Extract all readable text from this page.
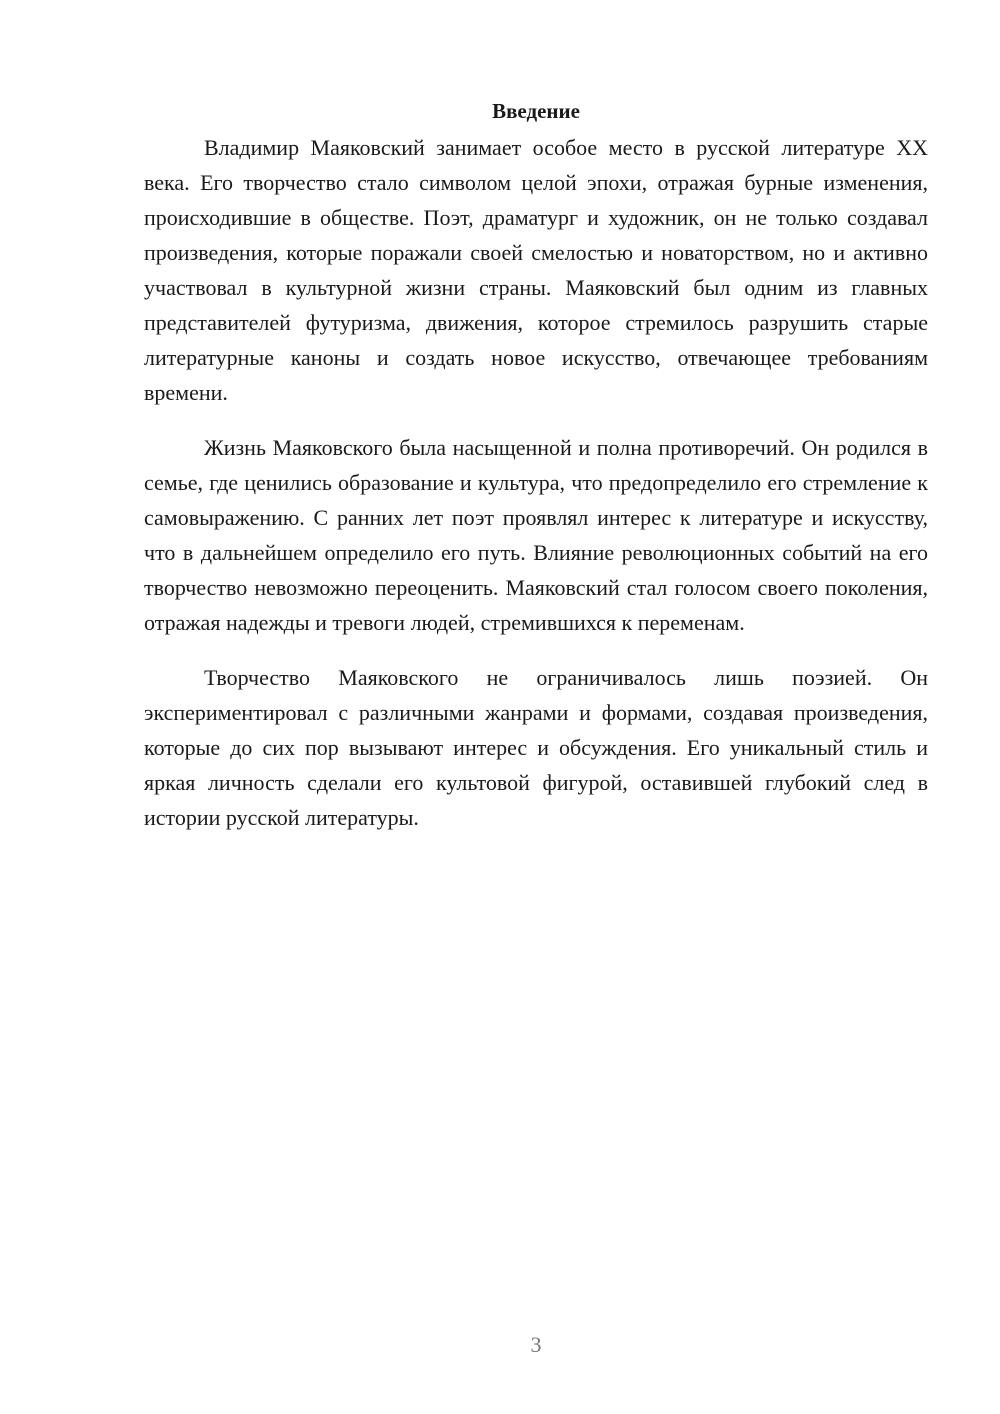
Введение

Владимир Маяковский занимает особое место в русской литературе XX века. Его творчество стало символом целой эпохи, отражая бурные изменения, происходившие в обществе. Поэт, драматург и художник, он не только создавал произведения, которые поражали своей смелостью и новаторством, но и активно участвовал в культурной жизни страны. Маяковский был одним из главных представителей футуризма, движения, которое стремилось разрушить старые литературные каноны и создать новое искусство, отвечающее требованиям времени.

Жизнь Маяковского была насыщенной и полна противоречий. Он родился в семье, где ценились образование и культура, что предопределило его стремление к самовыражению. С ранних лет поэт проявлял интерес к литературе и искусству, что в дальнейшем определило его путь. Влияние революционных событий на его творчество невозможно переоценить. Маяковский стал голосом своего поколения, отражая надежды и тревоги людей, стремившихся к переменам.

Творчество Маяковского не ограничивалось лишь поэзией. Он экспериментировал с различными жанрами и формами, создавая произведения, которые до сих пор вызывают интерес и обсуждения. Его уникальный стиль и яркая личность сделали его культовой фигурой, оставившей глубокий след в истории русской литературы.

3
